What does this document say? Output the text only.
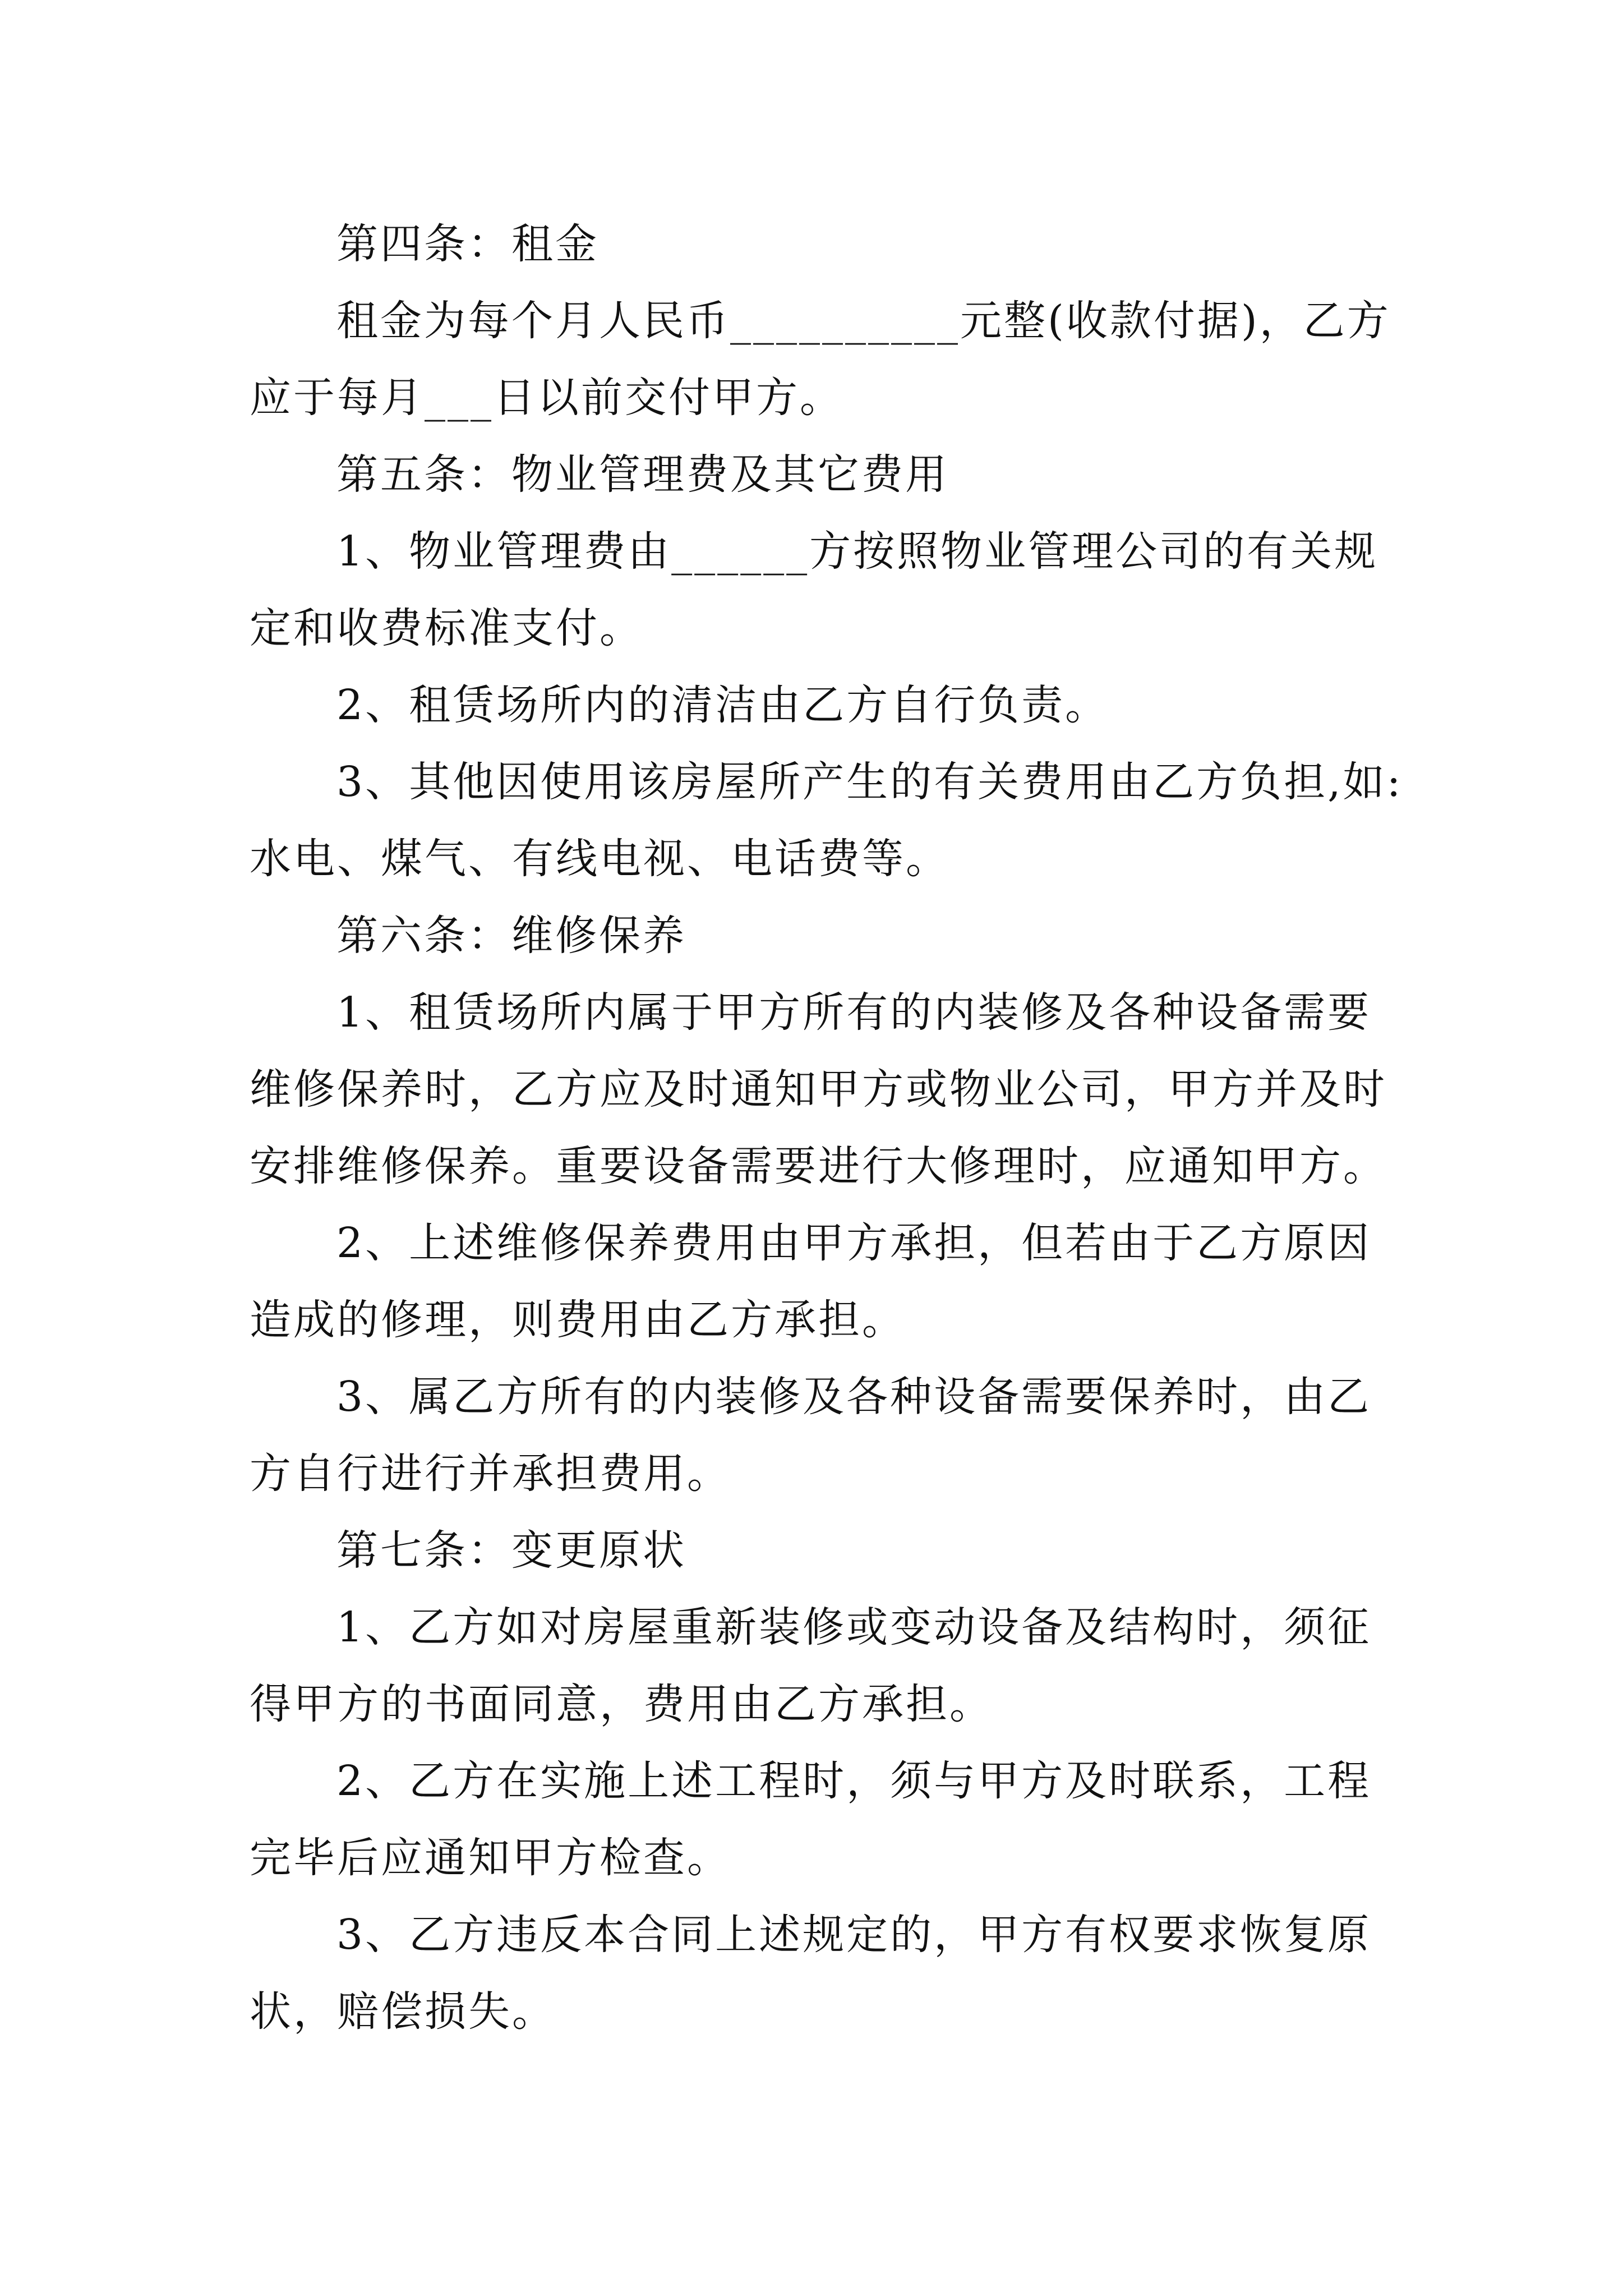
第四条：租金
租金为每个月人民币__________元整(收款付据)，乙方
应于每月___日以前交付甲方。
第五条：物业管理费及其它费用
1、物业管理费由______方按照物业管理公司的有关规
定和收费标准支付。
2、租赁场所内的清洁由乙方自行负责。
3、其他因使用该房屋所产生的有关费用由乙方负担,如:
水电、煤气、有线电视、电话费等。
第六条：维修保养
1、租赁场所内属于甲方所有的内装修及各种设备需要
维修保养时，乙方应及时通知甲方或物业公司，甲方并及时
安排维修保养。重要设备需要进行大修理时，应通知甲方。
2、上述维修保养费用由甲方承担，但若由于乙方原因
造成的修理，则费用由乙方承担。
3、属乙方所有的内装修及各种设备需要保养时，由乙
方自行进行并承担费用。
第七条：变更原状
1、乙方如对房屋重新装修或变动设备及结构时，须征
得甲方的书面同意，费用由乙方承担。
2、乙方在实施上述工程时，须与甲方及时联系，工程
完毕后应通知甲方检查。
3、乙方违反本合同上述规定的，甲方有权要求恢复原
状，赔偿损失。
